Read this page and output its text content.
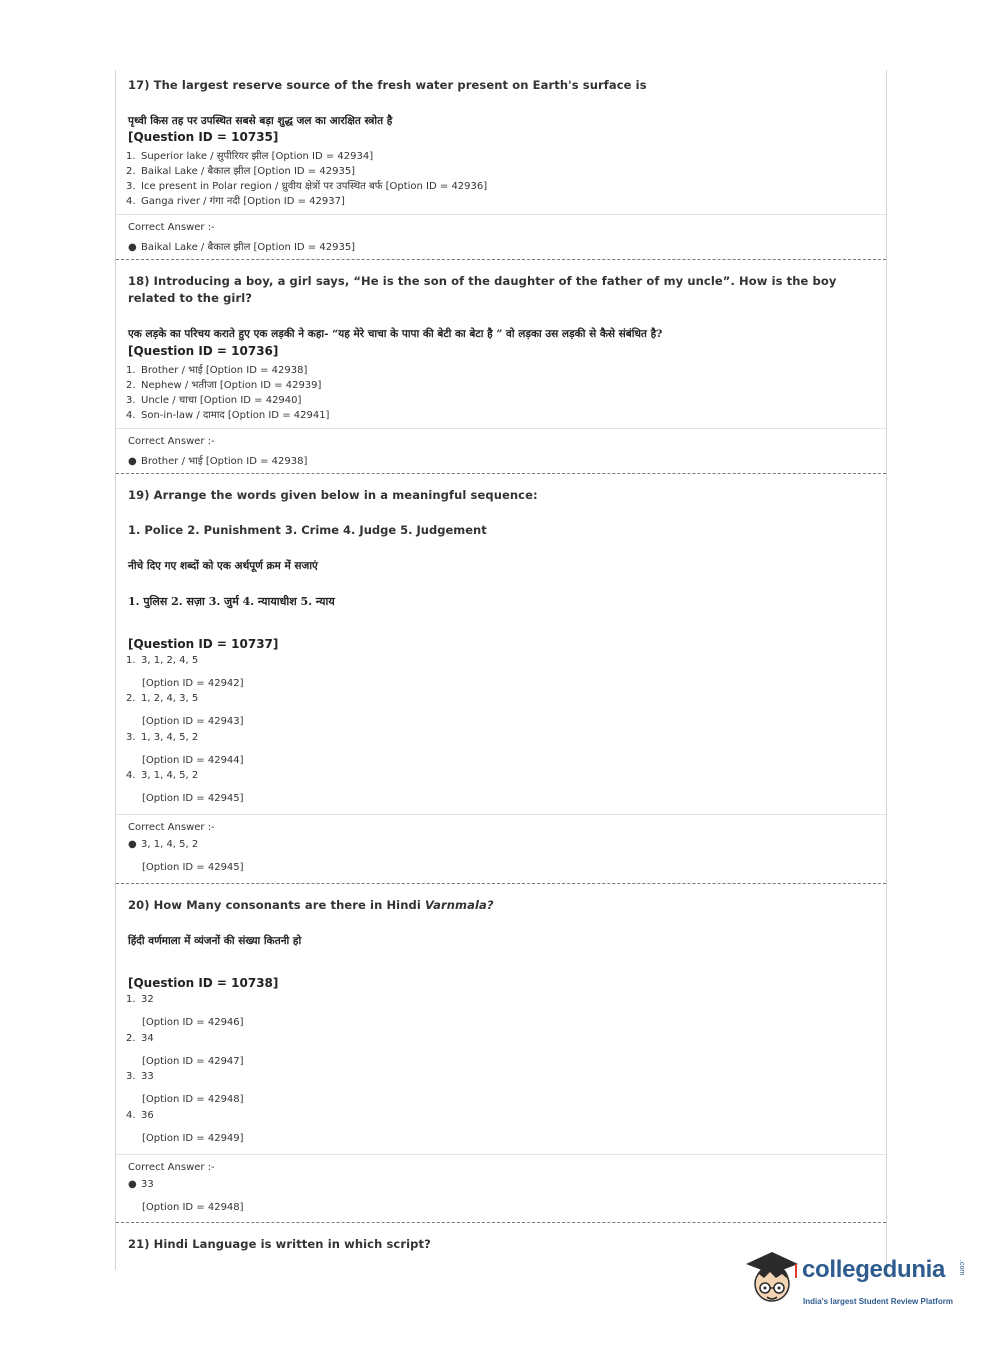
17) The largest reserve source of the fresh water present on Earth's surface is
पृथ्वी किस तह पर उपस्थित सबसे बड़ा शुद्ध जल का आरक्षित स्त्रोत है
[Question ID = 10735]
1. Superior lake / सुपीरियर झील [Option ID = 42934]
2. Baikal Lake / बैकाल झील [Option ID = 42935]
3. Ice present in Polar region / ध्रुवीय क्षेत्रों पर उपस्थित बर्फ [Option ID = 42936]
4. Ganga river / गंगा नदी [Option ID = 42937]
Correct Answer :-
● Baikal Lake / बैकाल झील [Option ID = 42935]
18) Introducing a boy, a girl says, “He is the son of the daughter of the father of my uncle”. How is the boy related to the girl?
एक लड़के का परिचय कराते हुए एक लड़की ने कहा- “यह मेरे चाचा के पापा की बेटी का बेटा है ” वो लड़का उस लड़की से कैसे संबंधित है?
[Question ID = 10736]
1. Brother / भाई [Option ID = 42938]
2. Nephew / भतीजा [Option ID = 42939]
3. Uncle / चाचा [Option ID = 42940]
4. Son-in-law / दामाद [Option ID = 42941]
Correct Answer :-
● Brother / भाई [Option ID = 42938]
19) Arrange the words given below in a meaningful sequence:
1. Police 2. Punishment 3. Crime 4. Judge 5. Judgement
नीचे दिए गए शब्दों को एक अर्थपूर्ण क्रम में सजाएं
1. पुलिस 2. सज़ा 3. जुर्म 4. न्यायाधीश 5. न्याय
[Question ID = 10737]
1. 3, 1, 2, 4, 5
[Option ID = 42942]
2. 1, 2, 4, 3, 5
[Option ID = 42943]
3. 1, 3, 4, 5, 2
[Option ID = 42944]
4. 3, 1, 4, 5, 2
[Option ID = 42945]
Correct Answer :-
● 3, 1, 4, 5, 2
[Option ID = 42945]
20) How Many consonants are there in Hindi Varnmala?
हिंदी वर्णमाला में व्यंजनों की संख्या कितनी हो
[Question ID = 10738]
1. 32
[Option ID = 42946]
2. 34
[Option ID = 42947]
3. 33
[Option ID = 42948]
4. 36
[Option ID = 42949]
Correct Answer :-
● 33
[Option ID = 42948]
21) Hindi Language is written in which script?
collegedunia .com
India's largest Student Review Platform
